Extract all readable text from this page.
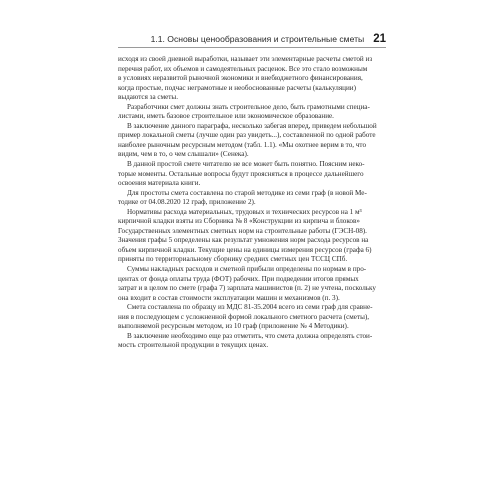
1.1. Основы ценообразования и строительные сметы 21

исходя из своей дневной выработки, называет эти элементарные расчеты сметой из
перечня работ, их объемов и самодеятельных расценок. Все это стало возможным
в условиях неразвитой рыночной экономики и внебюджетного финансирования,
когда простые, подчас неграмотные и необоснованные расчеты (калькуляции)
выдаются за сметы.

Разработчики смет должны знать строительное дело, быть грамотными специа-
листами, иметь базовое строительное или экономическое образование.

В заключение данного параграфа, несколько забегая вперед, приведем небольшой
пример локальной сметы (лучше один раз увидеть...), составленной по одной работе
наиболее рыночным ресурсным методом (табл. 1.1). «Мы охотнее верим в то, что
видим, чем в то, о чем слышали» (Сенека).

В данной простой смете читателю не все может быть понятно. Поясним неко-
торые моменты. Остальные вопросы будут проясняться в процессе дальнейшего
освоения материала книги.

Для простоты смета составлена по старой методике из семи граф (в новой Ме-
тодике от 04.08.2020 12 граф, приложение 2).

Нормативы расхода материальных, трудовых и технических ресурсов на 1 м³
кирпичной кладки взяты из Сборника № 8 «Конструкции из кирпича и блоков»
Государственных элементных сметных норм на строительные работы (ГЭСН-08).
Значения графы 5 определены как результат умножения норм расхода ресурсов на
объем кирпичной кладки. Текущие цены на единицы измерения ресурсов (графа 6)
приняты по территориальному сборнику средних сметных цен ТССЦ СПб.

Суммы накладных расходов и сметной прибыли определены по нормам в про-
центах от фонда оплаты труда (ФОТ) рабочих. При подведении итогов прямых
затрат и в целом по смете (графа 7) зарплата машинистов (п. 2) не учтена, поскольку
она входит в состав стоимости эксплуатации машин и механизмов (п. 3).

Смета составлена по образцу из МДС 81-35.2004 всего из семи граф для сравне-
ния в последующем с усложненной формой локального сметного расчета (сметы),
выполняемой ресурсным методом, из 10 граф (приложение № 4 Методики).

В заключение необходимо еще раз отметить, что смета должна определять стои-
мость строительной продукции в текущих ценах.
